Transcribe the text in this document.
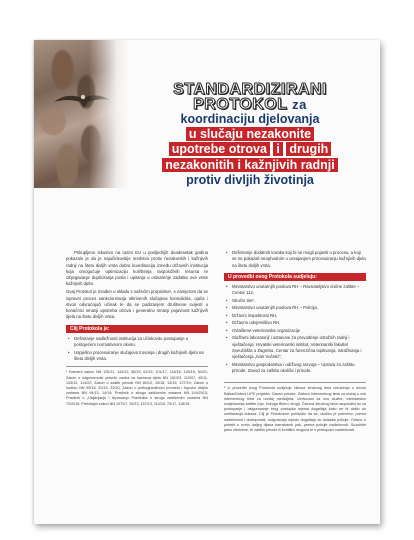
STANDARDIZIRANI
PROTOKOL za
koordinaciju djelovanja
u slučaju nezakonite
upotrebe otrova i drugih
nezakonitih i kažnjivih radnji
protiv divljih životinja

Prikupljeno iskustvo na razini EU u posljednjih dvadesetak godina pokazalo je da je najučinkovitije sredstvo protiv nezakonitih i kažnjivih radnji na štetu divljih vrsta dobra koordinacija između državnih institucija koja omogućuje optimizaciju korištenja raspoloživih resursa te izbjegavanje dupliciranja posla i upitanja u ostvarenje zadatke ove vrste kažnjivih djela.

Ovaj Protokol je izrađen u skladu s važećim propisima¹, s namjerom da se ispravni proces sankcioniranja otkrivenih slučajeva konsolidira, ojača i stvori odvraćajući učinak te da se podizanjem društvene svijesti u konačnici smanji upotreba otrova i generalno smanji pojavnost kažnjivih djela na štetu divljih vrsta.

Cilj Protokola je:
• Definiranje nadležnosti institucija za učinkovito postupanje u postojećem normativnom okviru.
• Uspješno procesuiranje slučajeva trovanja i drugih kažnjivih djela na štetu divljih vrsta.

¹ Kazneni zakon NN 125/11, 144/12, 56/15, 61/15, 101/17, 118/18, 126/19, 84/21; Zakon o odgovornosti pravnih osoba za kaznena djela NN 151/03, 110/07, 45/11, 143/12, 114/22; Zakon o zaštiti prirode NN 80/13, 15/18, 14/19, 127/19; Zakon o lovstvu NN 99/18, 32/19, 32/20; Zakon o prekograničnom prometu i trgovini divljim vrstama NN 94/13, 14/19; Pravilnik o strogo zaštićenim vrstama NN 144/2013; Pravilnik o „Ukljanjanju i lšporuanju Pravilnika o strogo zaštićenim vrstama NN 73/2016; Prekršajni zakon NN 107/07, 39/13, 157/13, 110/15, 70/17, 118/18

• Definiranje dodatnih koraka koji bi se mogli pojaviti u procesu, a koji se ne pokazali neophodnim u usvajanjem procesuiranju kažnjivih djela na štetu divljih vrsta.
U provedbi ovog Protokola sudjeluju:
• Ministarstvo unutarnjih poslova RH – Ravnateljstvo civilne zaštite – Centar 112,
• Stručni tim²,
• Ministarstvo unutarnjih poslova RH – Policija,
• Državni inspektorat RH,
• Državno odvjetništvo RH,
• Ovlaštene veterinarske organizacije
• Službeni laboratoriji i ustanove za provođenje istražnih radnji i vještačenja: Hrvatski veterinarski institut, Veterinarski fakultet Sveučilišta u Zagrebu, Centar za forenzična ispitivanja, istraživanja i vještačenja „Ivan Vučetić",
• Ministarstvo gospodarstva i održivog razvoja – Uprava za zaštitu prirode; Zavod za zaštitu okoliša i prirode.

² U provedbi ovog Protokola sudjeluje članovi stručnog tima udruženja u okviru BalkanDetect LIFE projekta: Gavari prirode, Zlatovo interventnog tima za slučaj u vrsi interventnog tima za uređaj medicijeta, Ueršovani za ovu službe, ministarstvo sudjelovanja zaštite (npr. Udruga Biom i drugi). Članovi stručnog tima raspoloživi su za postupanje i osiguravanje brog postupka mjesta događaja kako ne bi došlo do uništavanja dokaza. Cilj je Protokolom predvidio da se, ukoliko je potrebno, prema nadležnosti i dostupnosti, osiguravaju mjesto događaja do dolaska policije. Ovisno o potrebi u svrhu daljeg dijava tramskamk pak, prema policije nadležnosti. Suzoblite jamo otkrivene, te zaštitu prirode ili kontlitici moguća te s prekopnim nadležnosti.
